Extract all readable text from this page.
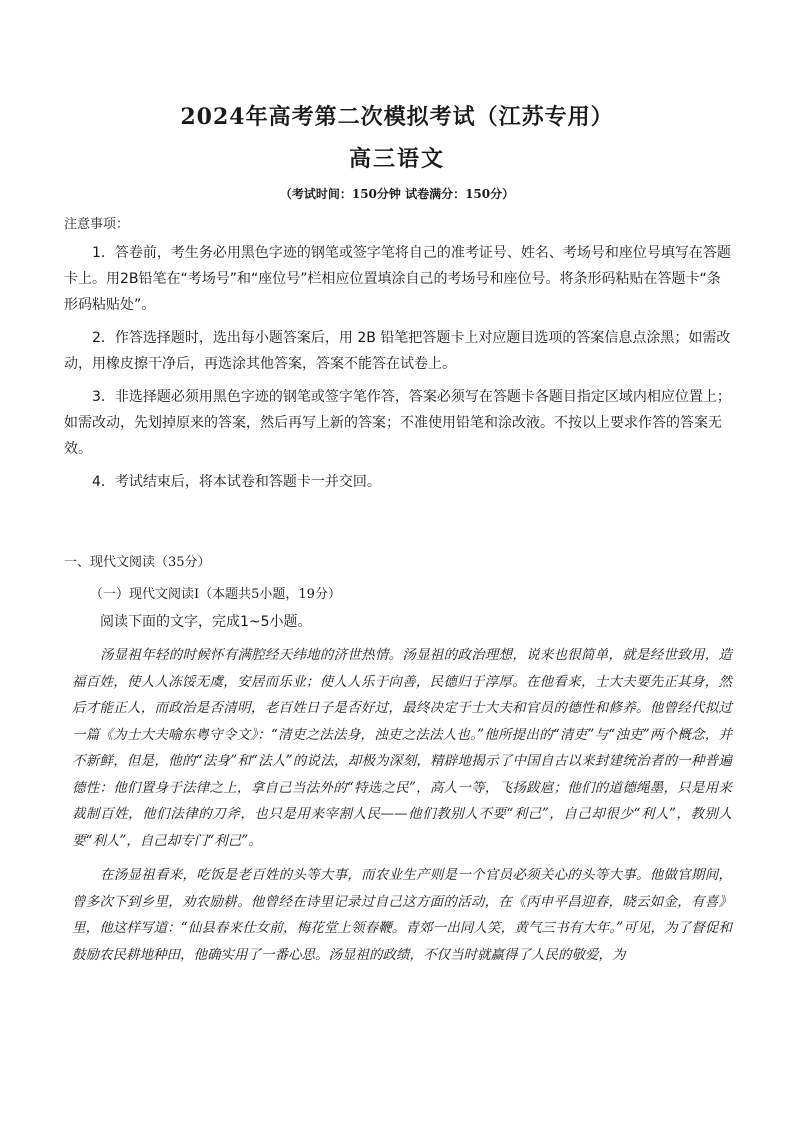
2024年高考第二次模拟考试（江苏专用）
高三语文
（考试时间：150分钟 试卷满分：150分）
注意事项：

1．答卷前，考生务必用黑色字迹的钢笔或签字笔将自己的准考证号、姓名、考场号和座位号填写在答题卡上。用2B铅笔在“考场号”和“座位号”栏相应位置填涂自己的考场号和座位号。将条形码粘贴在答题卡“条形码粘贴处”。

2．作答选择题时，选出每小题答案后，用 2B 铅笔把答题卡上对应题目选项的答案信息点涂黑；如需改动，用橡皮擦干净后，再选涂其他答案，答案不能答在试卷上。

3．非选择题必须用黑色字迹的钢笔或签字笔作答，答案必须写在答题卡各题目指定区域内相应位置上；如需改动，先划掉原来的答案，然后再写上新的答案；不准使用铅笔和涂改液。不按以上要求作答的答案无效。

4．考试结束后，将本试卷和答题卡一并交回。

一、现代文阅读（35分）
（一）现代文阅读Ⅰ（本题共5小题，19分）
阅读下面的文字，完成1~5小题。

汤显祖年轻的时候怀有满腔经天纬地的济世热情。汤显祖的政治理想，说来也很简单，就是经世致用，造福百姓，使人人冻馁无虞，安居而乐业；使人人乐于向善，民德归于淳厚。在他看来，士大夫要先正其身，然后才能正人，而政治是否清明，老百姓日子是否好过，最终决定于士大夫和官员的德性和修养。他曾经代拟过一篇《为士大夫喻东粤守令文》：“清吏之法法身，浊吏之法法人也。”他所提出的“清吏”与“浊吏”两个概念，并不新鲜，但是，他的“法身”和“法人”的说法，却极为深刻，精辟地揭示了中国自古以来封建统治者的一种普遍德性：他们置身于法律之上，拿自己当法外的“特选之民”，高人一等，飞扬跋扈；他们的道德绳墨，只是用来裁制百姓，他们法律的刀斧，也只是用来宰割人民——他们教别人不要“利己”，自己却很少“利人”，教别人要“利人”，自己却专门“利己”。

在汤显祖看来，吃饭是老百姓的头等大事，而农业生产则是一个官员必须关心的头等大事。他做官期间，曾多次下到乡里，劝农励耕。他曾经在诗里记录过自己这方面的活动，在《丙申平昌迎春，晓云如金，有喜》里，他这样写道：“仙县春来仕女前，梅花堂上领春鞭。青郊一出同人笑，黄气三书有大年。”可见，为了督促和鼓励农民耕地种田，他确实用了一番心思。汤显祖的政绩，不仅当时就赢得了人民的敬爱，为
